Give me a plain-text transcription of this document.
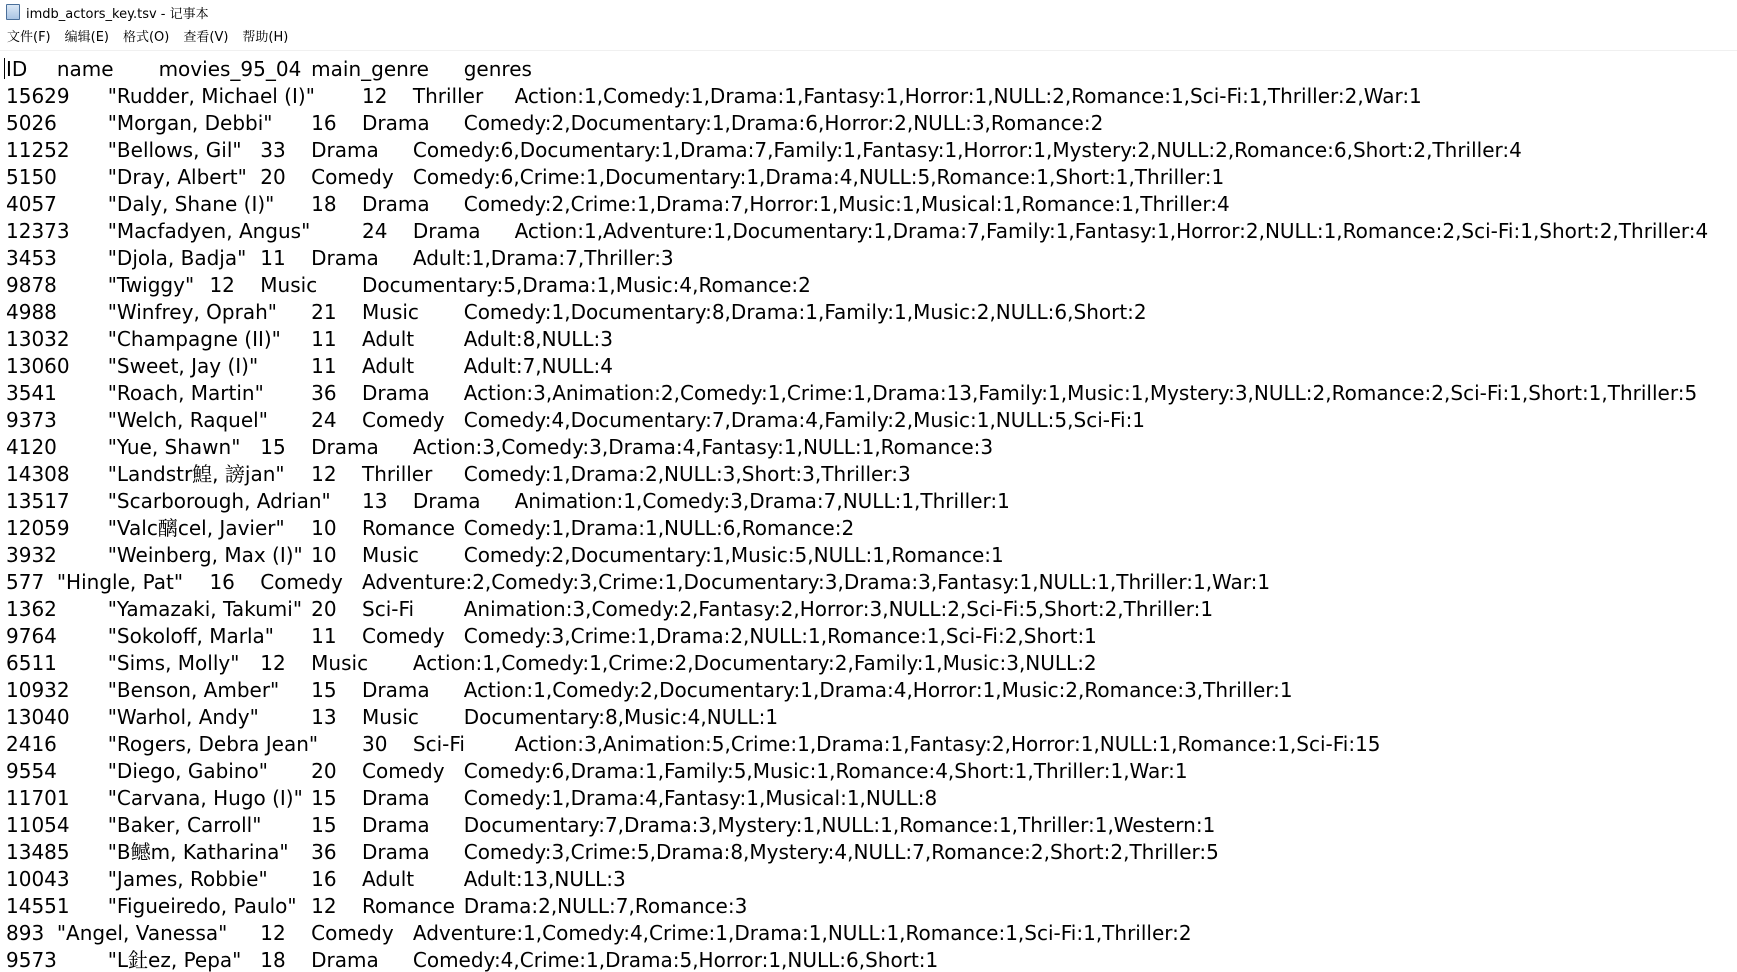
imdb_actors_key.tsv - 记事本
文件(F)	编辑(E)	格式(O)	查看(V)	帮助(H)
ID	name	movies_95_04	main_genre	genres
15629	"Rudder, Michael (I)"	12	Thriller	Action:1,Comedy:1,Drama:1,Fantasy:1,Horror:1,NULL:2,Romance:1,Sci-Fi:1,Thriller:2,War:1
5026	"Morgan, Debbi"	16	Drama	Comedy:2,Documentary:1,Drama:6,Horror:2,NULL:3,Romance:2
11252	"Bellows, Gil"	33	Drama	Comedy:6,Documentary:1,Drama:7,Family:1,Fantasy:1,Horror:1,Mystery:2,NULL:2,Romance:6,Short:2,Thriller:4
5150	"Dray, Albert"	20	Comedy	Comedy:6,Crime:1,Documentary:1,Drama:4,NULL:5,Romance:1,Short:1,Thriller:1
4057	"Daly, Shane (I)"	18	Drama	Comedy:2,Crime:1,Drama:7,Horror:1,Music:1,Musical:1,Romance:1,Thriller:4
12373	"Macfadyen, Angus"	24	Drama	Action:1,Adventure:1,Documentary:1,Drama:7,Family:1,Fantasy:1,Horror:2,NULL:1,Romance:2,Sci-Fi:1,Short:2,Thriller:4
3453	"Djola, Badja"	11	Drama	Adult:1,Drama:7,Thriller:3
9878	"Twiggy"	12	Music	Documentary:5,Drama:1,Music:4,Romance:2
4988	"Winfrey, Oprah"	21	Music	Comedy:1,Documentary:8,Drama:1,Family:1,Music:2,NULL:6,Short:2
13032	"Champagne (II)"	11	Adult	Adult:8,NULL:3
13060	"Sweet, Jay (I)"	11	Adult	Adult:7,NULL:4
3541	"Roach, Martin"	36	Drama	Action:3,Animation:2,Comedy:1,Crime:1,Drama:13,Family:1,Music:1,Mystery:3,NULL:2,Romance:2,Sci-Fi:1,Short:1,Thriller:5
9373	"Welch, Raquel"	24	Comedy	Comedy:4,Documentary:7,Drama:4,Family:2,Music:1,NULL:5,Sci-Fi:1
4120	"Yue, Shawn"	15	Drama	Action:3,Comedy:3,Drama:4,Fantasy:1,NULL:1,Romance:3
14308	"Landstr鰉, 謗jan"	12	Thriller	Comedy:1,Drama:2,NULL:3,Short:3,Thriller:3
13517	"Scarborough, Adrian"	13	Drama	Animation:1,Comedy:3,Drama:7,NULL:1,Thriller:1
12059	"Valc醨cel, Javier"	10	Romance	Comedy:1,Drama:1,NULL:6,Romance:2
3932	"Weinberg, Max (I)"	10	Music	Comedy:2,Documentary:1,Music:5,NULL:1,Romance:1
577	"Hingle, Pat"	16	Comedy	Adventure:2,Comedy:3,Crime:1,Documentary:3,Drama:3,Fantasy:1,NULL:1,Thriller:1,War:1
1362	"Yamazaki, Takumi"	20	Sci-Fi	Animation:3,Comedy:2,Fantasy:2,Horror:3,NULL:2,Sci-Fi:5,Short:2,Thriller:1
9764	"Sokoloff, Marla"	11	Comedy	Comedy:3,Crime:1,Drama:2,NULL:1,Romance:1,Sci-Fi:2,Short:1
6511	"Sims, Molly"	12	Music	Action:1,Comedy:1,Crime:2,Documentary:2,Family:1,Music:3,NULL:2
10932	"Benson, Amber"	15	Drama	Action:1,Comedy:2,Documentary:1,Drama:4,Horror:1,Music:2,Romance:3,Thriller:1
13040	"Warhol, Andy"	13	Music	Documentary:8,Music:4,NULL:1
2416	"Rogers, Debra Jean"	30	Sci-Fi	Action:3,Animation:5,Crime:1,Drama:1,Fantasy:2,Horror:1,NULL:1,Romance:1,Sci-Fi:15
9554	"Diego, Gabino"	20	Comedy	Comedy:6,Drama:1,Family:5,Music:1,Romance:4,Short:1,Thriller:1,War:1
11701	"Carvana, Hugo (I)"	15	Drama	Comedy:1,Drama:4,Fantasy:1,Musical:1,NULL:8
11054	"Baker, Carroll"	15	Drama	Documentary:7,Drama:3,Mystery:1,NULL:1,Romance:1,Thriller:1,Western:1
13485	"B鳡m, Katharina"	36	Drama	Comedy:3,Crime:5,Drama:8,Mystery:4,NULL:7,Romance:2,Short:2,Thriller:5
10043	"James, Robbie"	16	Adult	Adult:13,NULL:3
14551	"Figueiredo, Paulo"	12	Romance	Drama:2,NULL:7,Romance:3
893	"Angel, Vanessa"	12	Comedy	Adventure:1,Comedy:4,Crime:1,Drama:1,NULL:1,Romance:1,Sci-Fi:1,Thriller:2
9573	"L釷ez, Pepa"	18	Drama	Comedy:4,Crime:1,Drama:5,Horror:1,NULL:6,Short:1
